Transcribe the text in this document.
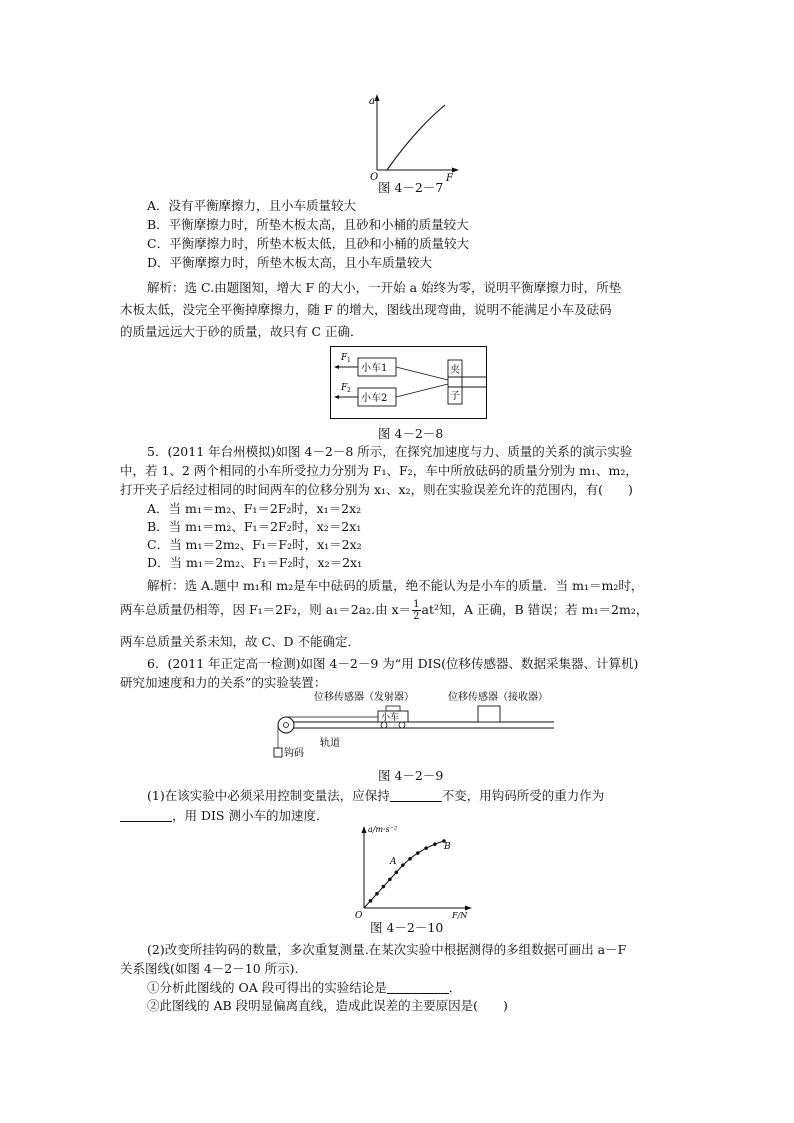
a
O	F
图 4－2－7
A．没有平衡摩擦力，且小车质量较大
B．平衡摩擦力时，所垫木板太高，且砂和小桶的质量较大
C．平衡摩擦力时，所垫木板太低，且砂和小桶的质量较大
D．平衡摩擦力时，所垫木板太高，且小车质量较大
解析：选 C.由题图知，增大 F 的大小，一开始 a 始终为零，说明平衡摩擦力时，所垫
木板太低，没完全平衡掉摩擦力，随 F 的增大，图线出现弯曲，说明不能满足小车及砝码
的质量远远大于砂的质量，故只有 C 正确．
F 1
F 2
小车1
小车2
夹
子
图 4－2－8
5．(2011 年台州模拟)如图 4－2－8 所示，在探究加速度与力、质量的关系的演示实验
中，若 1、2 两个相同的小车所受拉力分别为 F₁、F₂，车中所放砝码的质量分别为 m₁、m₂，
打开夹子后经过相同的时间两车的位移分别为 x₁、x₂，则在实验误差允许的范围内，有(　　)
A．当 m₁＝m₂、F₁＝2F₂时，x₁＝2x₂
B．当 m₁＝m₂、F₁＝2F₂时，x₂＝2x₁
C．当 m₁＝2m₂、F₁＝F₂时，x₁＝2x₂
D．当 m₁＝2m₂、F₁＝F₂时，x₂＝2x₁
解析：选 A.题中 m₁和 m₂是车中砝码的质量，绝不能认为是小车的质量．当 m₁＝m₂时，
两车总质量仍相等，因 F₁＝2F₂，则 a₁＝2a₂.由 $x= \frac{1}{2} at^2$知，A 正确，B 错误；若 m₁＝2m₂，
两车总质量关系未知，故 C、D 不能确定．
6．(2011 年正定高一检测)如图 4－2－9 为“用 DIS(位移传感器、数据采集器、计算机)
研究加速度和力的关系”的实验装置：
位移传感器（发射器）	位移传感器（接收器）
小车
轨道
钩码
图 4－2－9
(1)在该实验中必须采用控制变量法，应保持	不变，用钩码所受的重力作为
，用 DIS 测小车的加速度．
a/m·s⁻²
O	F/N
A
B
图 4－2－10
(2)改变所挂钩码的数量，多次重复测量.在某次实验中根据测得的多组数据可画出 a－F
关系图线(如图 4－2－10 所示).
①分析此图线的 OA 段可得出的实验结论是	．
②此图线的 AB 段明显偏离直线，造成此误差的主要原因是(　　)
